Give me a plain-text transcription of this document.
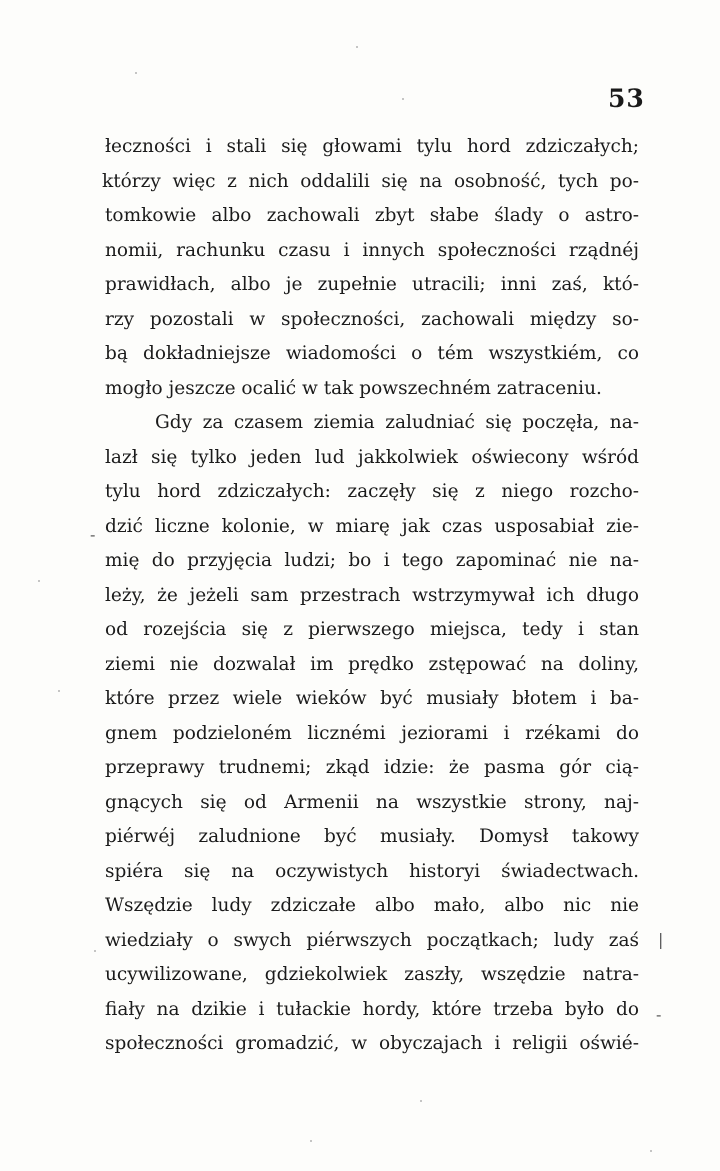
53
łeczności i stali się głowami tylu hord zdziczałych;
którzy więc z nich oddalili się na osobność, tych po-
tomkowie albo zachowali zbyt słabe ślady o astro-
nomii, rachunku czasu i innych społeczności rządnéj
prawidłach, albo je zupełnie utracili; inni zaś, któ-
rzy pozostali w społeczności, zachowali między so-
bą dokładniejsze wiadomości o tém wszystkiém, co
mogło jeszcze ocalić w tak powszechném zatraceniu.
Gdy za czasem ziemia zaludniać się poczęła, na-
lazł się tylko jeden lud jakkolwiek oświecony wśród
tylu hord zdziczałych: zaczęły się z niego rozcho-
dzić liczne kolonie, w miarę jak czas usposabiał zie-
mię do przyjęcia ludzi; bo i tego zapominać nie na-
leży, że jeżeli sam przestrach wstrzymywał ich długo
od rozejścia się z pierwszego miejsca, tedy i stan
ziemi nie dozwalał im prędko zstępować na doliny,
które przez wiele wieków być musiały błotem i ba-
gnem podzieloném licznémi jeziorami i rzékami do
przeprawy trudnemi; zkąd idzie: że pasma gór cią-
gnących się od Armenii na wszystkie strony, naj-
piérwéj zaludnione być musiały. Domysł takowy
spiéra się na oczywistych historyi świadectwach.
Wszędzie ludy zdziczałe albo mało, albo nic nie
wiedziały o swych piérwszych początkach; ludy zaś
ucywilizowane, gdziekolwiek zaszły, wszędzie natra-
fiały na dzikie i tułackie hordy, które trzeba było do
społeczności gromadzić, w obyczajach i religii oświé-
|
-
-
